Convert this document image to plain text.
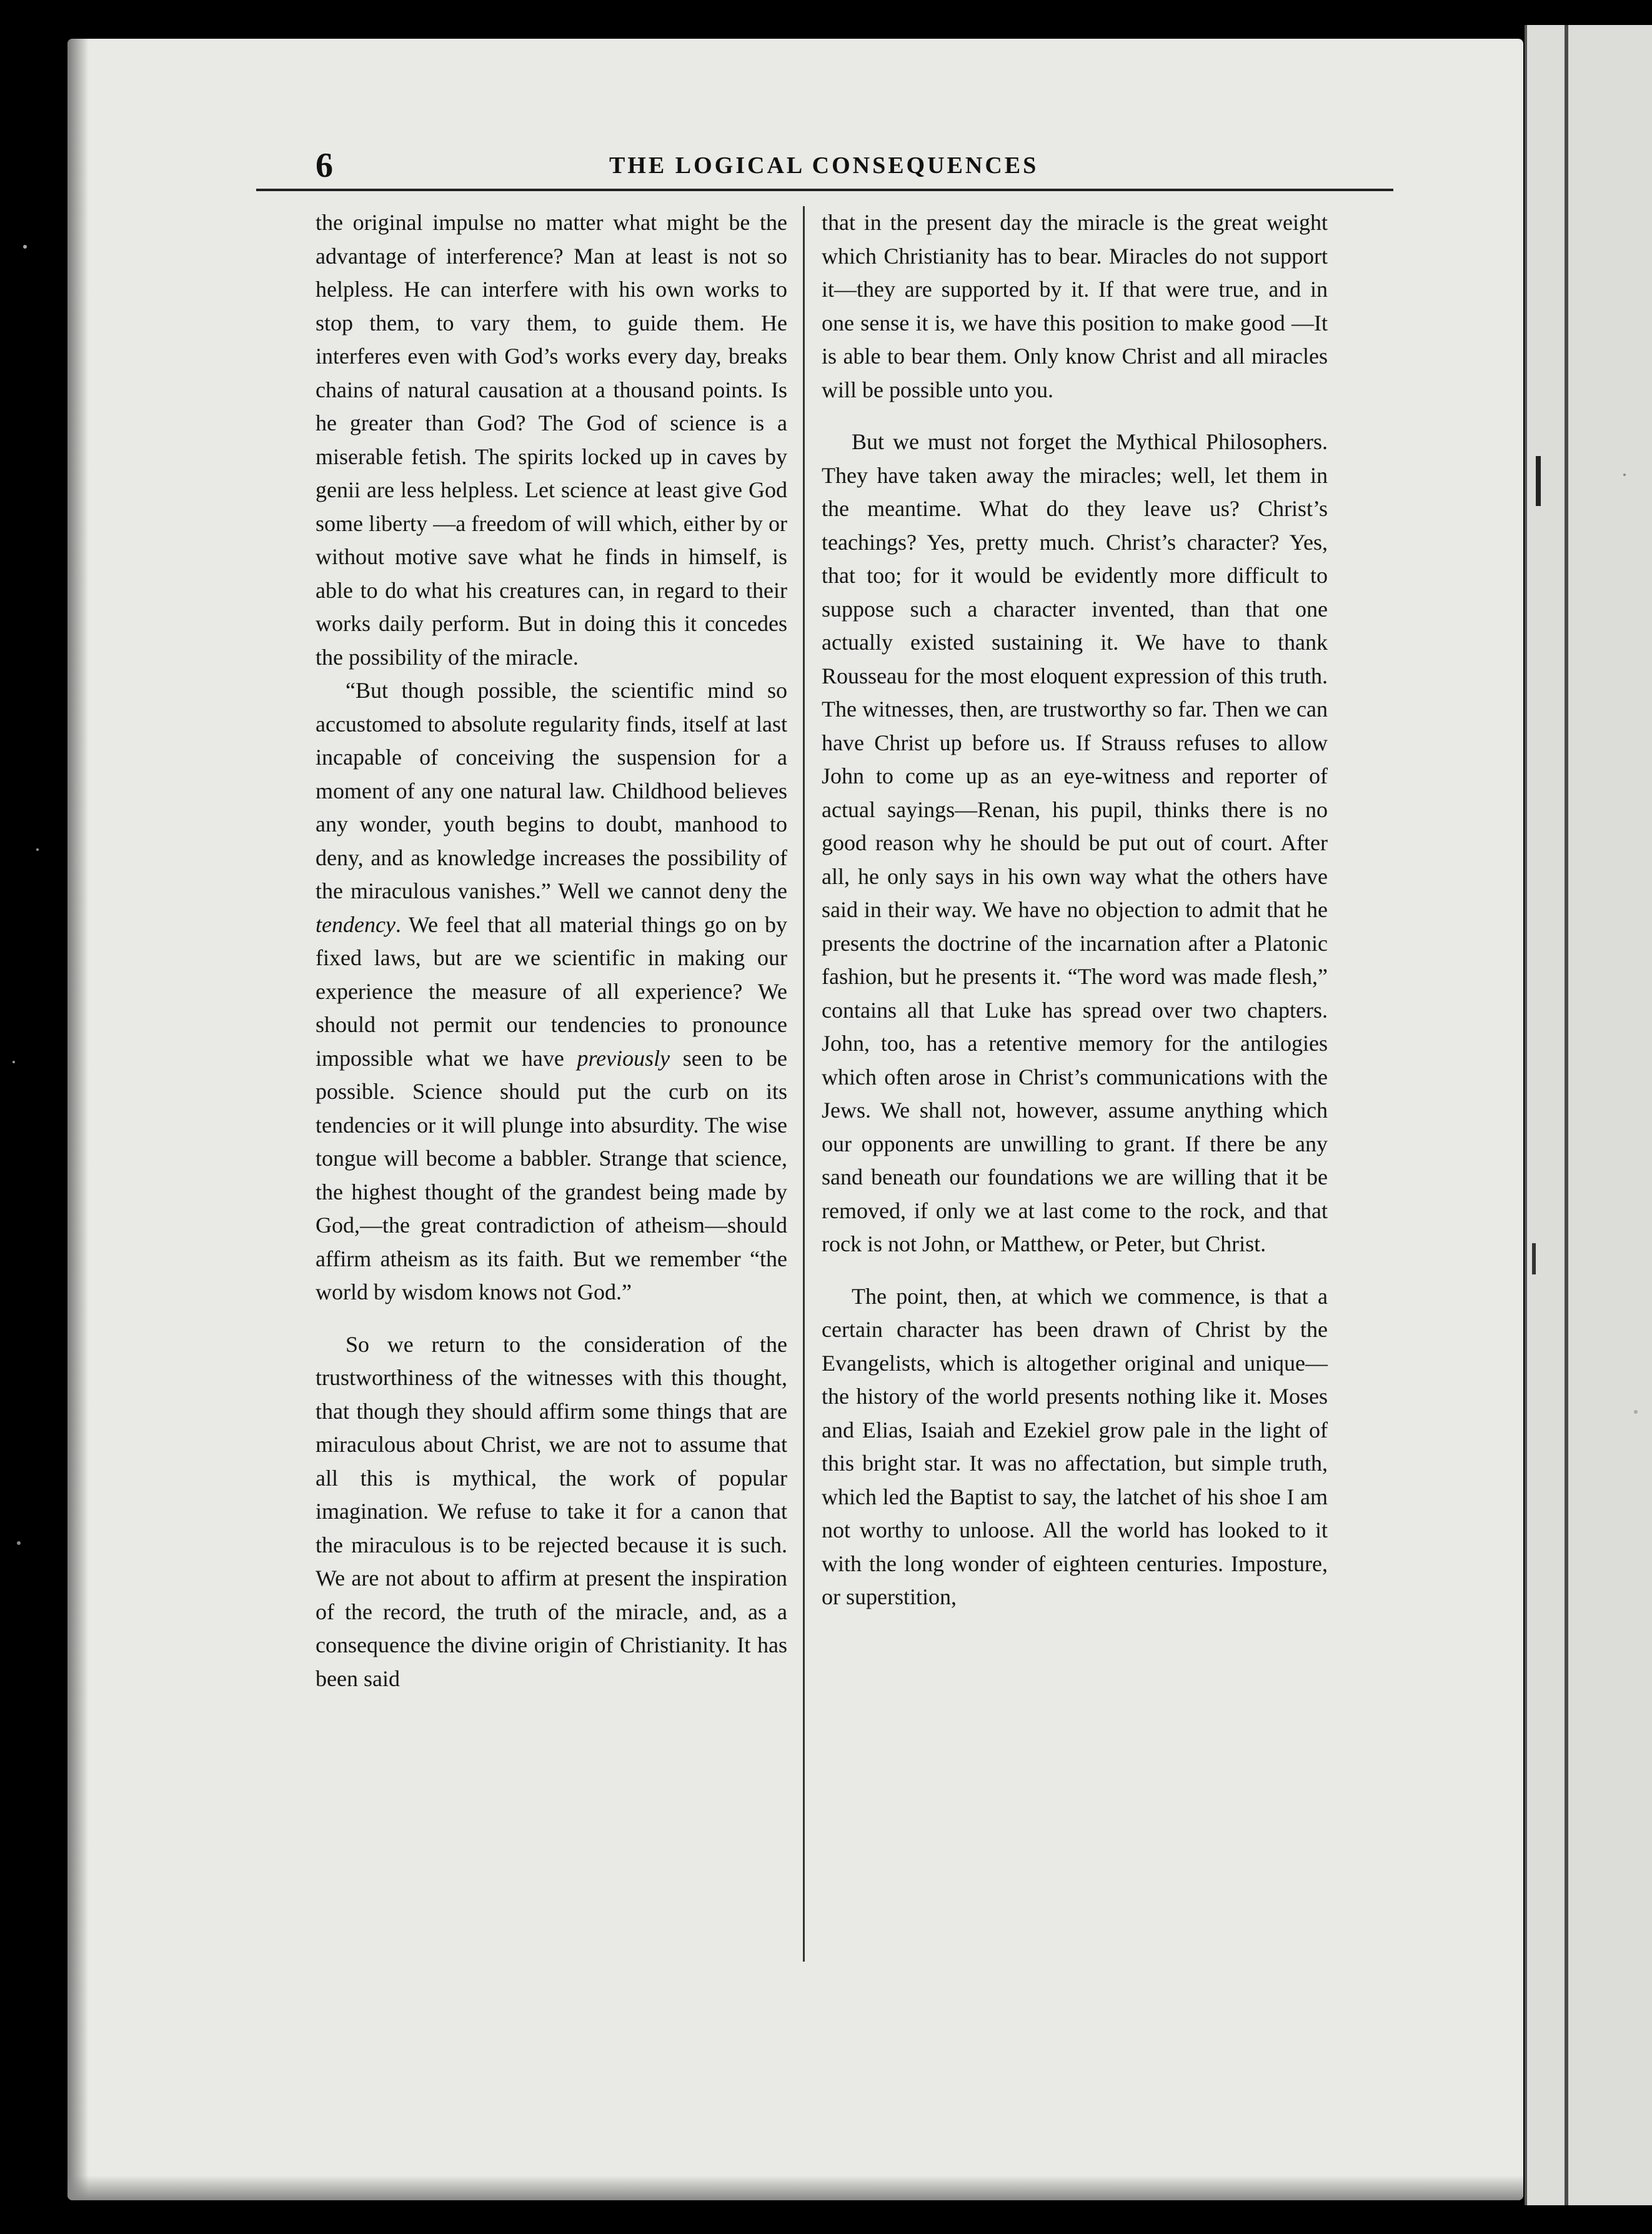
6	THE LOGICAL CONSEQUENCES

the original impulse no matter what might be the advantage of interference? Man at least is not so helpless. He can interfere with his own works to stop them, to vary them, to guide them. He interferes even with God’s works every day, breaks chains of natural causation at a thousand points. Is he greater than God? The God of science is a miserable fetish. The spirits locked up in caves by genii are less helpless. Let science at least give God some liberty —a freedom of will which, either by or without motive save what he finds in himself, is able to do what his creatures can, in regard to their works daily perform. But in doing this it concedes the possibility of the miracle.

“But though possible, the scientific mind so accustomed to absolute regularity finds, itself at last incapable of conceiving the suspension for a moment of any one natural law. Childhood believes any wonder, youth begins to doubt, manhood to deny, and as knowledge increases the possibility of the miraculous vanishes.” Well we cannot deny the tendency. We feel that all material things go on by fixed laws, but are we scientific in making our experience the measure of all experience? We should not permit our tendencies to pronounce impossible what we have previously seen to be possible. Science should put the curb on its tendencies or it will plunge into absurdity. The wise tongue will become a babbler. Strange that science, the highest thought of the grandest being made by God,—the great contradiction of atheism—should affirm atheism as its faith. But we remember “the world by wisdom knows not God.”

So we return to the consideration of the trustworthiness of the witnesses with this thought, that though they should affirm some things that are miraculous about Christ, we are not to assume that all this is mythical, the work of popular imagination. We refuse to take it for a canon that the miraculous is to be rejected because it is such. We are not about to affirm at present the inspiration of the record, the truth of the miracle, and, as a consequence the divine origin of Christianity. It has been said

that in the present day the miracle is the great weight which Christianity has to bear. Miracles do not support it—they are supported by it. If that were true, and in one sense it is, we have this position to make good —It is able to bear them. Only know Christ and all miracles will be possible unto you.

But we must not forget the Mythical Philosophers. They have taken away the miracles; well, let them in the meantime. What do they leave us? Christ’s teachings? Yes, pretty much. Christ’s character? Yes, that too; for it would be evidently more difficult to suppose such a character invented, than that one actually existed sustaining it. We have to thank Rousseau for the most eloquent expression of this truth. The witnesses, then, are trustworthy so far. Then we can have Christ up before us. If Strauss refuses to allow John to come up as an eye-witness and reporter of actual sayings—Renan, his pupil, thinks there is no good reason why he should be put out of court. After all, he only says in his own way what the others have said in their way. We have no objection to admit that he presents the doctrine of the incarnation after a Platonic fashion, but he presents it. “The word was made flesh,” contains all that Luke has spread over two chapters. John, too, has a retentive memory for the antilogies which often arose in Christ’s communications with the Jews. We shall not, however, assume anything which our opponents are unwilling to grant. If there be any sand beneath our foundations we are willing that it be removed, if only we at last come to the rock, and that rock is not John, or Matthew, or Peter, but Christ.

The point, then, at which we commence, is that a certain character has been drawn of Christ by the Evangelists, which is altogether original and unique—the history of the world presents nothing like it. Moses and Elias, Isaiah and Ezekiel grow pale in the light of this bright star. It was no affectation, but simple truth, which led the Baptist to say, the latchet of his shoe I am not worthy to unloose. All the world has looked to it with the long wonder of eighteen centuries. Imposture, or superstition,
